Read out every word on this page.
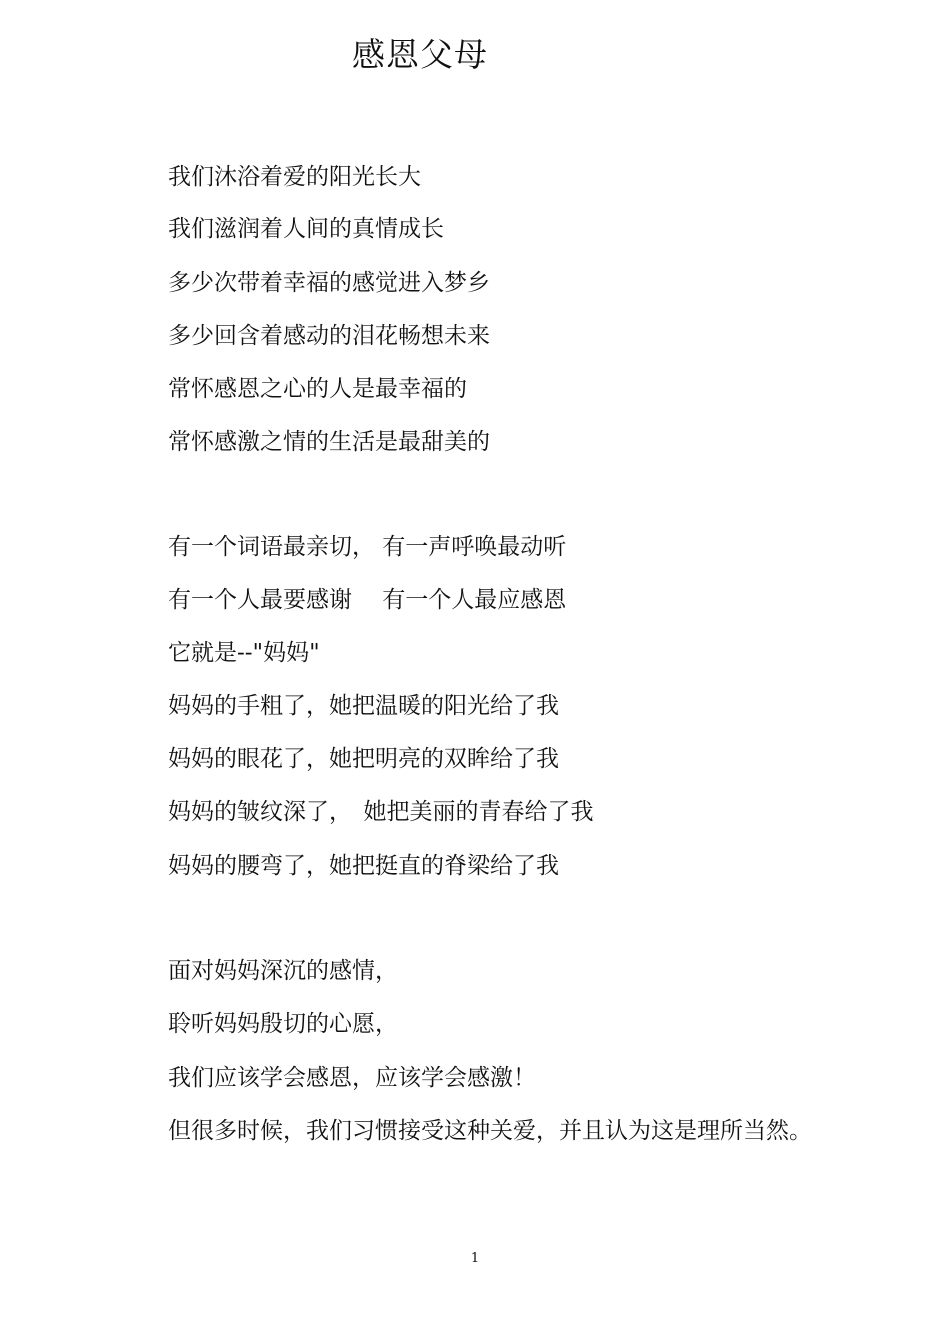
感恩父母
我们沐浴着爱的阳光长大
我们滋润着人间的真情成长
多少次带着幸福的感觉进入梦乡
多少回含着感动的泪花畅想未来
常怀感恩之心的人是最幸福的
常怀感激之情的生活是最甜美的
有一个词语最亲切， 有一声呼唤最动听
有一个人最要感谢　 有一个人最应感恩
它就是--"妈妈"
妈妈的手粗了，她把温暖的阳光给了我
妈妈的眼花了，她把明亮的双眸给了我
妈妈的皱纹深了，　她把美丽的青春给了我
妈妈的腰弯了，她把挺直的脊梁给了我
面对妈妈深沉的感情，
聆听妈妈殷切的心愿，
我们应该学会感恩，应该学会感激！
但很多时候，我们习惯接受这种关爱，并且认为这是理所当然。
1
